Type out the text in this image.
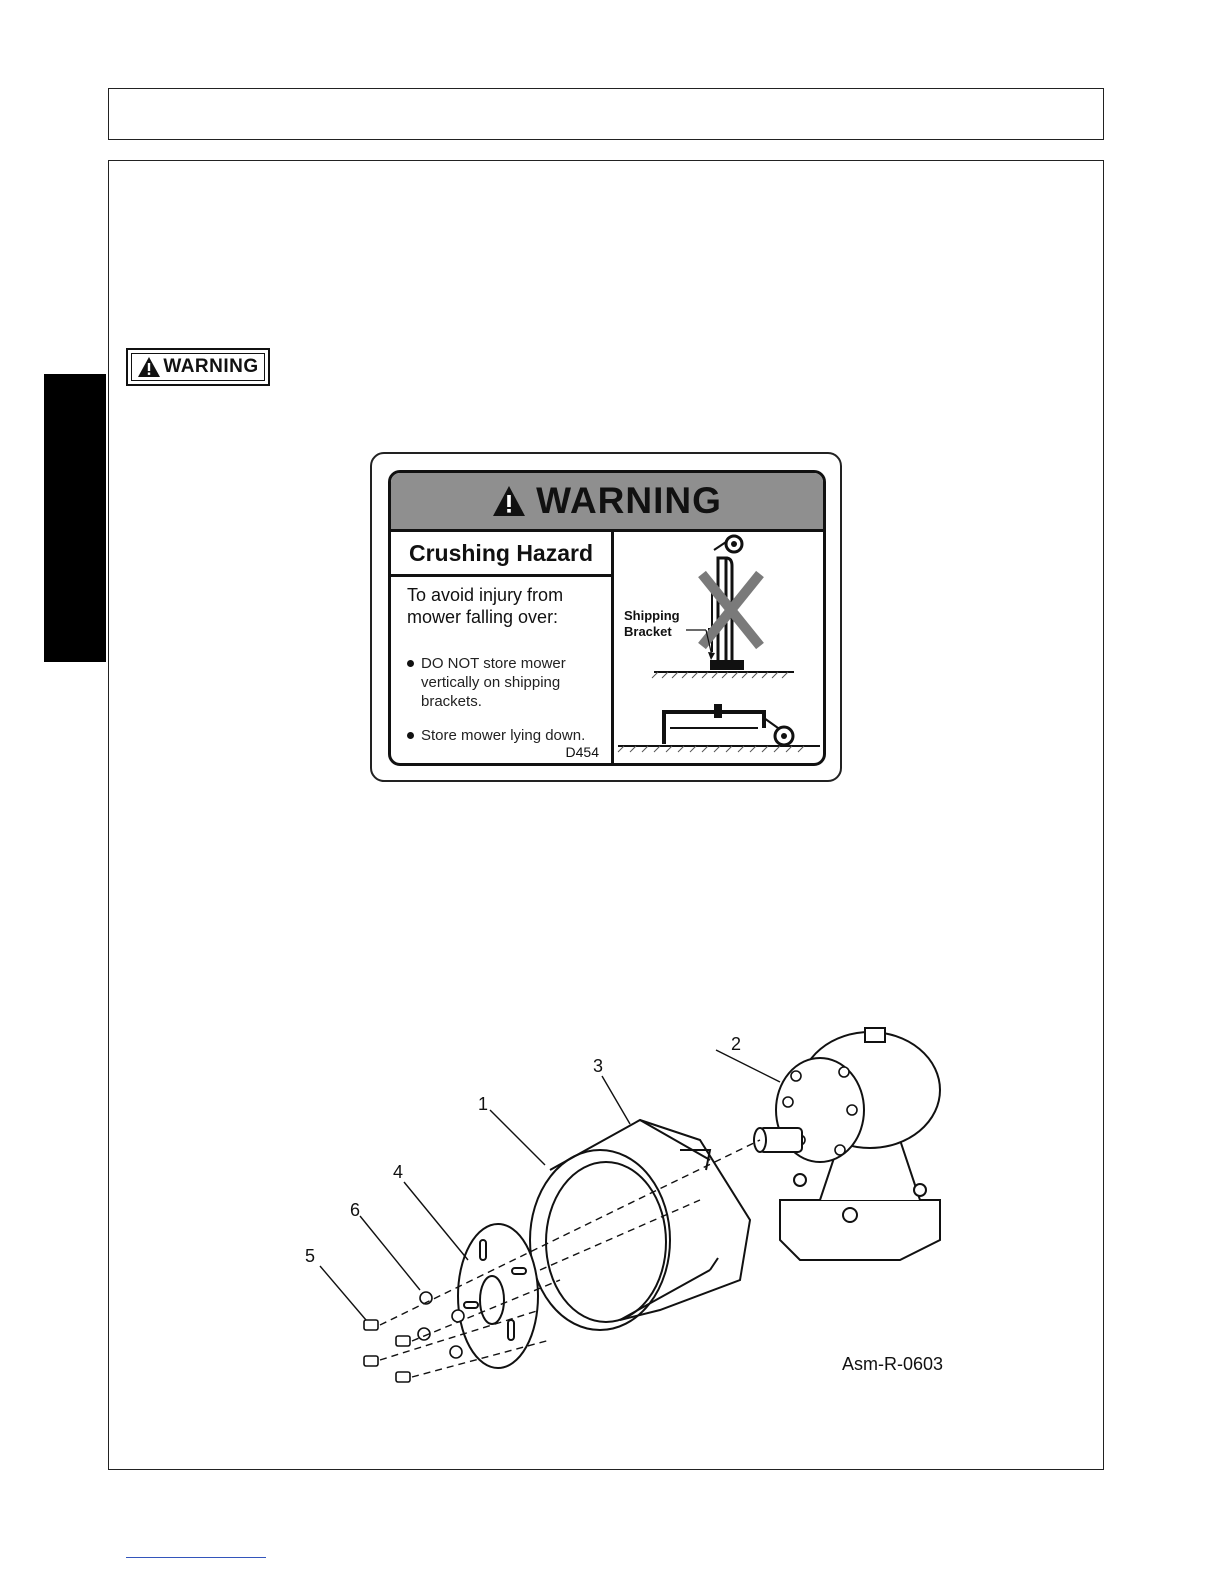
WARNING
WARNING
Crushing Hazard
To avoid injury from
mower falling over:
DO NOT store mower
vertically on shipping
brackets.
Store mower lying down.
D454
Shipping
Bracket
1
2
3
4
5
6
Asm-R-0603
